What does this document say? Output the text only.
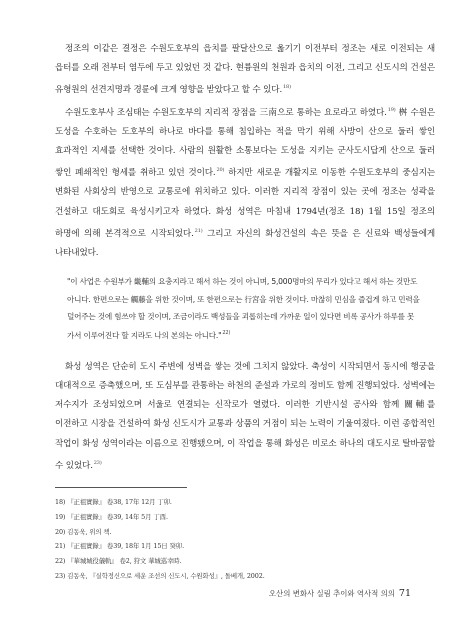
정조의 이같은 결정은 수원도호부의 읍치를 팔달산으로 옮기기 이전부터 정조는 새로 이전되는 새 읍터를 오래 전부터 염두에 두고 있었던 것 같다. 현륭원의 천원과 읍치의 이전, 그리고 신도시의 건설은 유형원의 선견지명과 경륜에 크게 영향을 받았다고 할 수 있다.$^{18)}$

수원도호부사 조심태는 수원도호부의 지리적 장점을 三南으로 통하는 요로라고 하였다.$^{19)}$ 桝 수원은 도성을 수호하는 도호부의 하나로 바다를 통해 침입하는 적을 막기 위해 사방이 산으로 둘러 쌓인 효과적인 지세를 선택한 것이다. 사람의 원활한 소통보다는 도성을 지키는 군사도시답게 산으로 둘러 쌓인 폐쇄적인 형세를 취하고 있던 것이다.$^{20)}$ 하지만 새로운 개활지로 이동한 수원도호부의 중심지는 변화된 사회상의 반영으로 교통로에 위치하고 있다. 이러한 지리적 장점이 있는 곳에 정조는 성곽을 건설하고 대도회로 육성시키고자 하였다. 화성 성역은 마침내 1794년(정조 18) 1월 15일 정조의 하명에 의해 본격적으로 시작되었다.$^{21)}$ 그리고 자신의 화성건설의 속은 뜻을 은 신료와 백성들에게 나타내었다.

"이 사업은 수원부가 畿輔의 요충지라고 해서 하는 것이 아니며, 5,000명마의 무리가 있다고 해서 하는 것만도 아니다. 한편으로는 觸藤을 위한 것이며, 또 한편으로는 行宮을 위한 것이다. 마찮히 민심을 즐겁게 하고 민력을 덜어주는 것에 힘쓰야 할 것이며, 조금이라도 백성들을 괴롭히는데 가까운 일이 있다면 비록 공사가 하루를 못 가서 이루어진다 할 지라도 나의 본의는 아니다."$^{22)}$

화성 성역은 단순히 도시 주변에 성벽을 쌓는 것에 그치지 않았다. 축성이 시작되면서 동시에 행궁을 대대적으로 증축했으며, 또 도심부를 관통하는 하천의 준설과 가로의 정비도 함께 진행되었다. 성벽에는 저수지가 조성되었으며 서울로 연결되는 신작로가 열렸다. 이러한 기반시설 공사와 함께 關輔를 이전하고 시장을 건설하여 화성 신도시가 교통과 상품의 거점이 되는 노력이 기울여졌다. 이런 종합적인 작업이 화성 성역이라는 이름으로 진행됐으며, 이 작업을 통해 화성은 비로소 하나의 대도시로 탈바꿈할 수 있었다.$^{23)}$

18) 『正祖實錄』 卷38, 17年 12月 丁卯.
19) 『正祖實錄』 卷39, 14年 5月 丁酉.
20) 김동욱, 위의 책.
21) 『正祖實錄』 卷39, 18年 1月 15日 癸卯.
22) 『華城城役儀軌』 卷2, 狩文 華城巡幸時.
23) 김동욱, 『실학정신으로 세운 조선의 신도시, 수원화성』, 돌베개, 2002.
오산의 변화사 실림 추이와 역사적 의의 71
